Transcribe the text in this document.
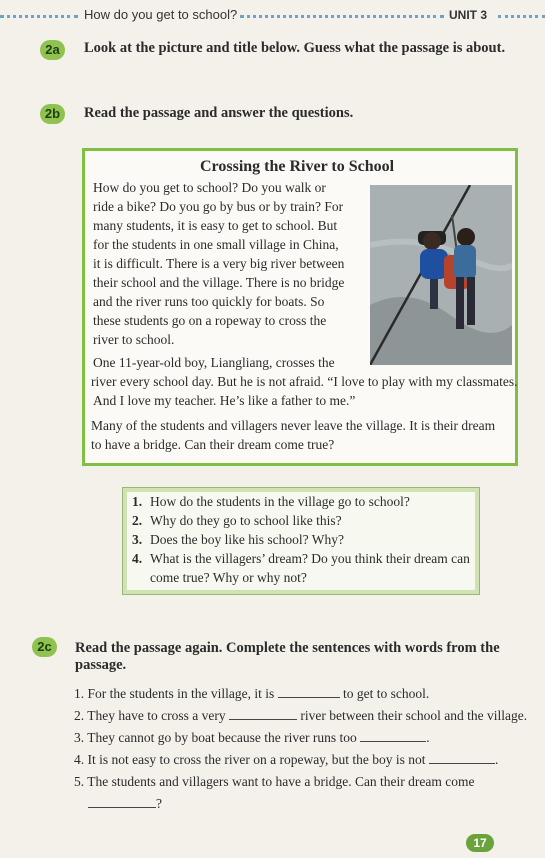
How do you get to school?	UNIT 3
2a	Look at the picture and title below. Guess what the passage is about.
2b	Read the passage and answer the questions.
Crossing the River to School
How do you get to school? Do you walk or
ride a bike? Do you go by bus or by train? For
many students, it is easy to get to school. But
for the students in one small village in China,
it is difficult. There is a very big river between
their school and the village. There is no bridge
and the river runs too quickly for boats. So
these students go on a ropeway to cross the
river to school.
One 11-year-old boy, Liangliang, crosses the
river every school day. But he is not afraid. “I love to play with my classmates.
And I love my teacher. He’s like a father to me.”
Many of the students and villagers never leave the village. It is their dream
to have a bridge. Can their dream come true?
1. How do the students in the village go to school?
2. Why do they go to school like this?
3. Does the boy like his school? Why?
4. What is the villagers’ dream? Do you think their dream can
come true? Why or why not?
2c	Read the passage again. Complete the sentences with words from the
passage.
1. For the students in the village, it is	to get to school.
2. They have to cross a very	river between their school and the village.
3. They cannot go by boat because the river runs too	.
4. It is not easy to cross the river on a ropeway, but the boy is not	.
5. The students and villagers want to have a bridge. Can their dream come
?
17
